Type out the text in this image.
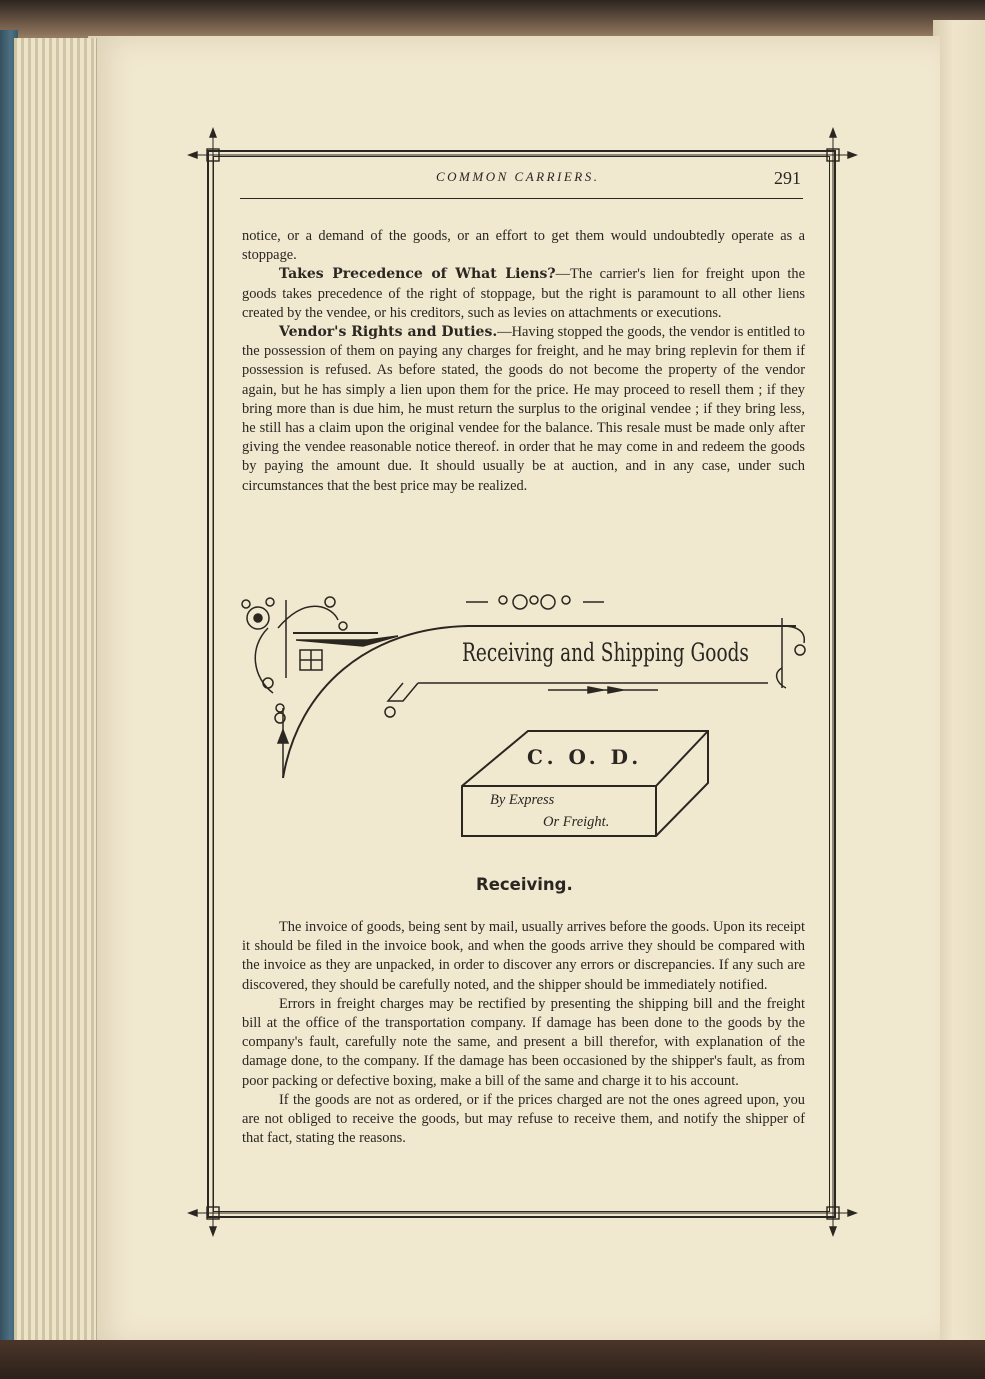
COMMON CARRIERS.	291

notice, or a demand of the goods, or an effort to get them would undoubtedly operate as a stoppage.

Takes Precedence of What Liens?—The carrier's lien for freight upon the goods takes precedence of the right of stoppage, but the right is paramount to all other liens created by the vendee, or his creditors, such as levies on attachments or executions.

Vendor's Rights and Duties.—Having stopped the goods, the vendor is entitled to the possession of them on paying any charges for freight, and he may bring replevin for them if possession is refused. As before stated, the goods do not become the property of the vendor again, but he has simply a lien upon them for the price. He may proceed to resell them ; if they bring more than is due him, he must return the surplus to the original vendee ; if they bring less, he still has a claim upon the original vendee for the balance. This resale must be made only after giving the vendee reasonable notice thereof. in order that he may come in and redeem the goods by paying the amount due. It should usually be at auction, and in any case, under such circumstances that the best price may be realized.

Receiving and Shipping Goods
C. O. D.
By Express
Or Freight.
Receiving.

The invoice of goods, being sent by mail, usually arrives before the goods. Upon its receipt it should be filed in the invoice book, and when the goods arrive they should be compared with the invoice as they are unpacked, in order to discover any errors or discrepancies. If any such are discovered, they should be carefully noted, and the shipper should be immediately notified.

Errors in freight charges may be rectified by presenting the shipping bill and the freight bill at the office of the transportation company. If damage has been done to the goods by the company's fault, carefully note the same, and present a bill therefor, with explanation of the damage done, to the company. If the damage has been occasioned by the shipper's fault, as from poor packing or defective boxing, make a bill of the same and charge it to his account.

If the goods are not as ordered, or if the prices charged are not the ones agreed upon, you are not obliged to receive the goods, but may refuse to receive them, and notify the shipper of that fact, stating the reasons.
